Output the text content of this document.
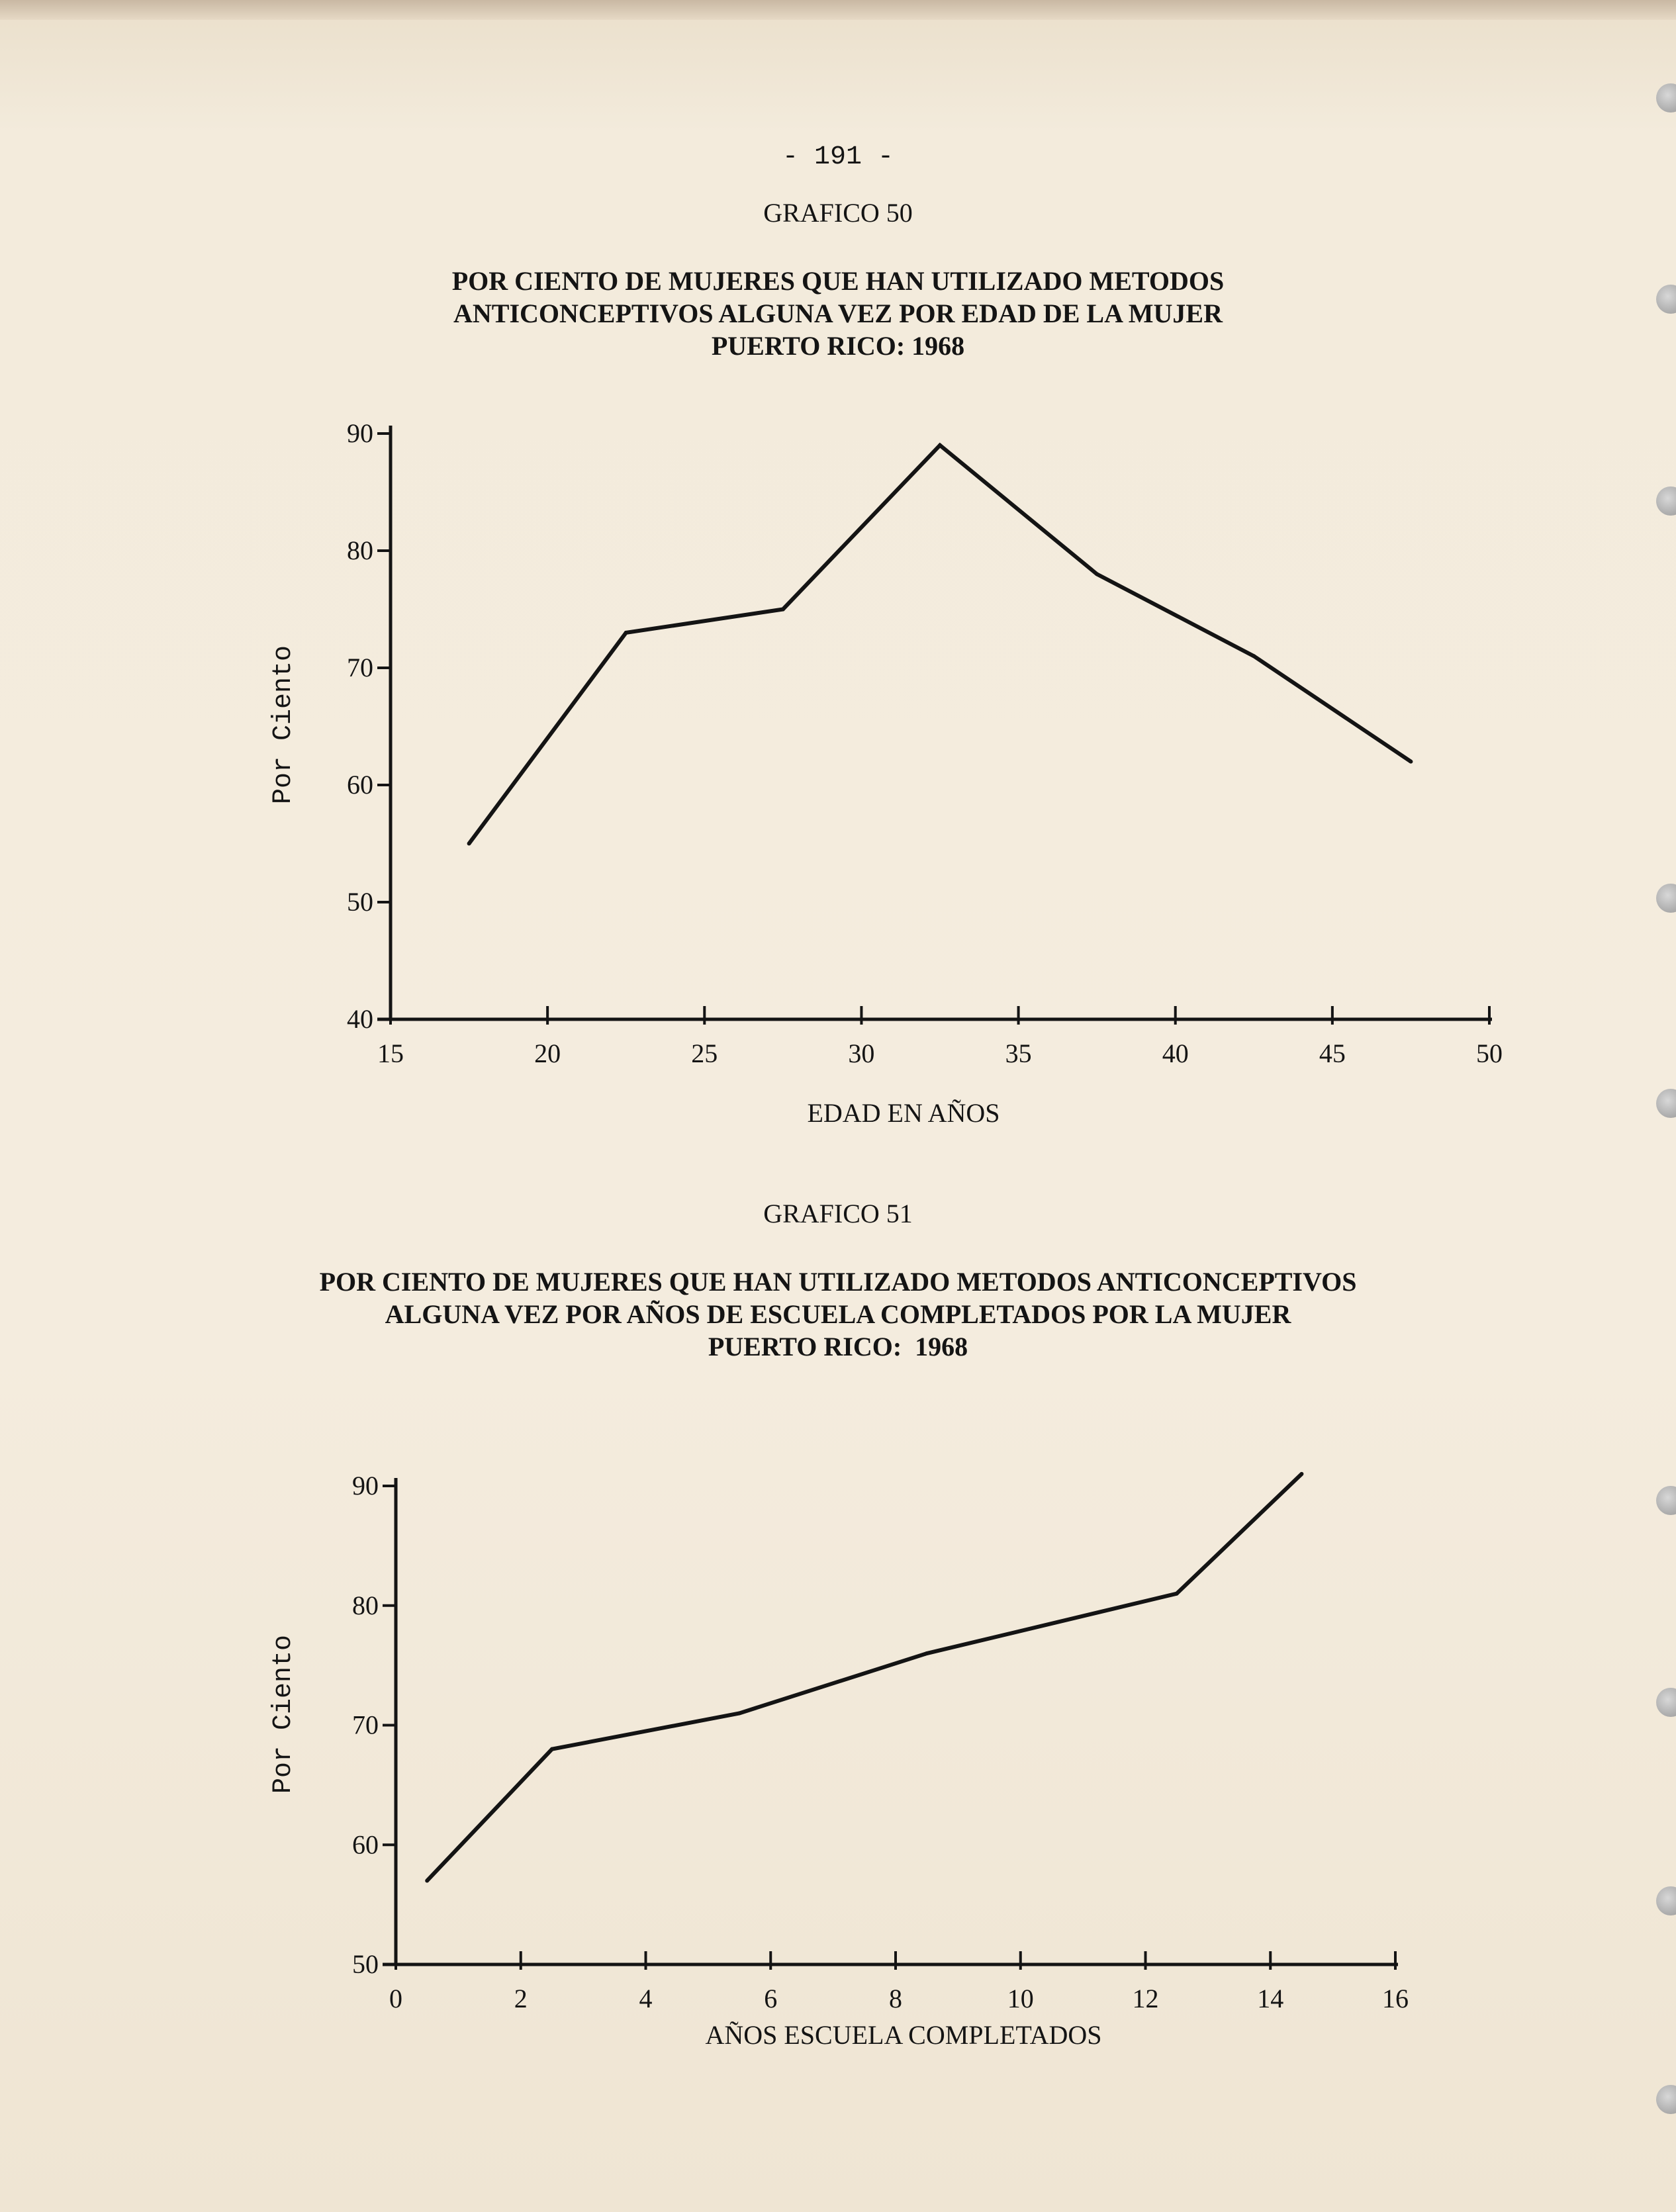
- 191 -
GRAFICO 50
POR CIENTO DE MUJERES QUE HAN UTILIZADO METODOS
ANTICONCEPTIVOS ALGUNA VEZ POR EDAD DE LA MUJER
PUERTO RICO: 1968
40
50
60
70
80
90
15	20	25	30	35	40	45	50
EDAD EN AÑOS
Por Ciento
GRAFICO 51
POR CIENTO DE MUJERES QUE HAN UTILIZADO METODOS ANTICONCEPTIVOS
ALGUNA VEZ POR AÑOS DE ESCUELA COMPLETADOS POR LA MUJER
PUERTO RICO:  1968
50
60
70
80
90
0	2	4	6	8	10	12	14	16
AÑOS ESCUELA COMPLETADOS
Por Ciento
